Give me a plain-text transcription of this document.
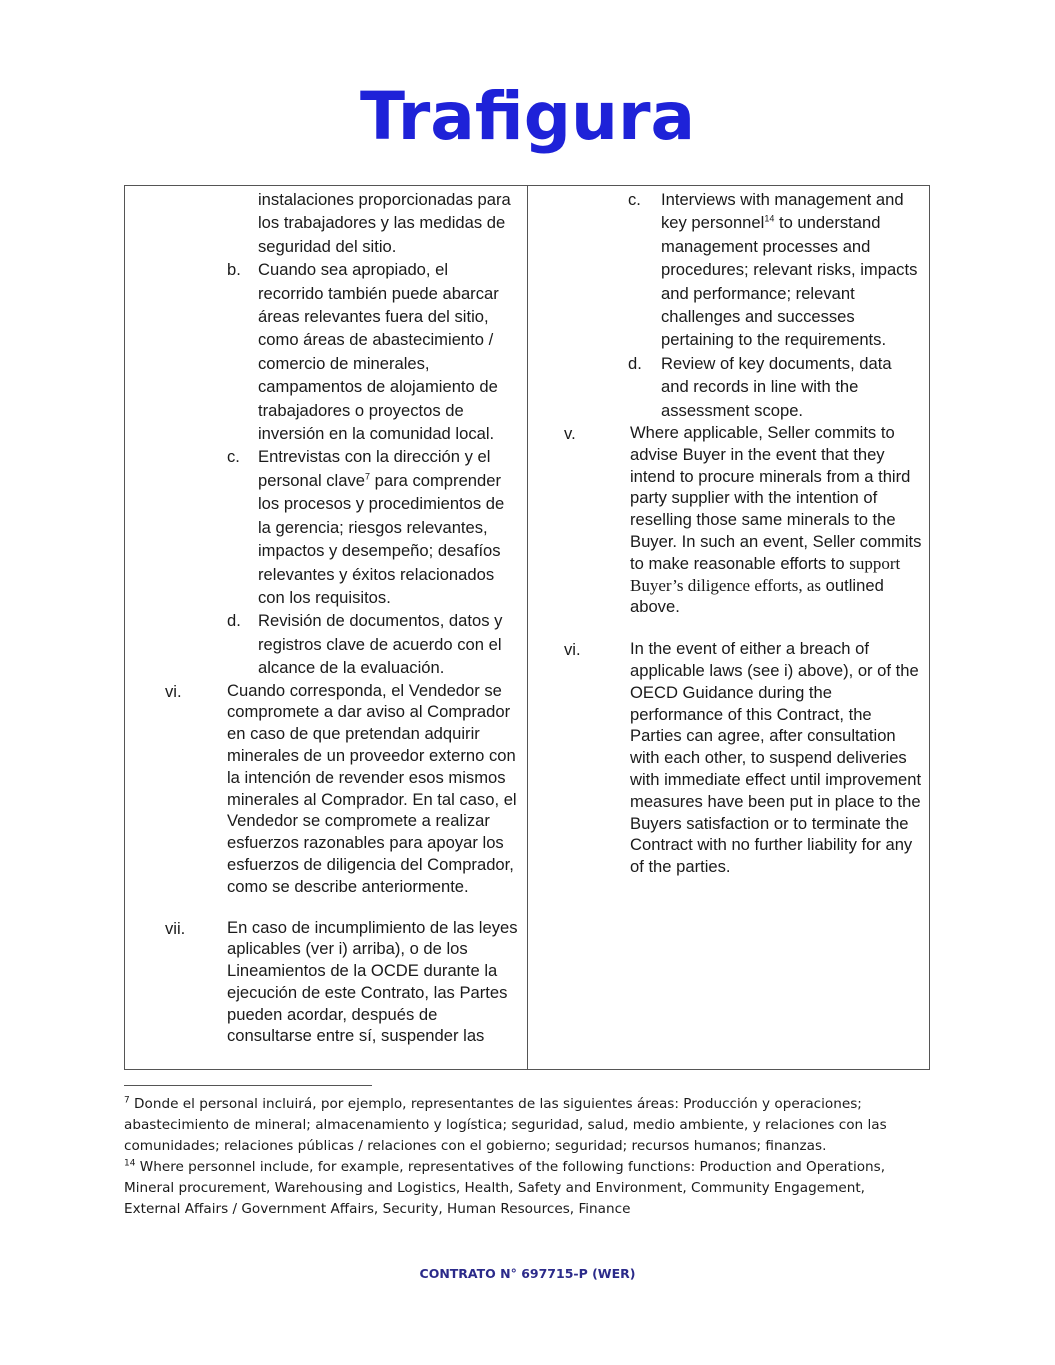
Trafigura
instalaciones proporcionadas para los trabajadores y las medidas de seguridad del sitio.
b.	Cuando sea apropiado, el recorrido también puede abarcar áreas relevantes fuera del sitio, como áreas de abastecimiento / comercio de minerales, campamentos de alojamiento de trabajadores o proyectos de inversión en la comunidad local.
c.	Entrevistas con la dirección y el personal clave$^7$ para comprender los procesos y procedimientos de la gerencia; riesgos relevantes, impactos y desempeño; desafíos relevantes y éxitos relacionados con los requisitos.
d.	Revisión de documentos, datos y registros clave de acuerdo con el alcance de la evaluación.
vi.	Cuando corresponda, el Vendedor se compromete a dar aviso al Comprador en caso de que pretendan adquirir minerales de un proveedor externo con la intención de revender esos mismos minerales al Comprador. En tal caso, el Vendedor se compromete a realizar esfuerzos razonables para apoyar los esfuerzos de diligencia del Comprador, como se describe anteriormente.
vii.	En caso de incumplimiento de las leyes aplicables (ver i) arriba), o de los Lineamientos de la OCDE durante la ejecución de este Contrato, las Partes pueden acordar, después de consultarse entre sí, suspender las
c. Interviews with management and key personnel$^{14}$ to understand management processes and procedures; relevant risks, impacts and performance; relevant challenges and successes pertaining to the requirements.
d. Review of key documents, data and records in line with the assessment scope.
v.	Where applicable, Seller commits to advise Buyer in the event that they intend to procure minerals from a third party supplier with the intention of reselling those same minerals to the Buyer. In such an event, Seller commits to make reasonable efforts to support Buyer’s diligence efforts, as outlined above.
vi.	In the event of either a breach of applicable laws (see i) above), or of the OECD Guidance during the performance of this Contract, the Parties can agree, after consultation with each other, to suspend deliveries with immediate effect until improvement measures have been put in place to the Buyers satisfaction or to terminate the Contract with no further liability for any of the parties.

$^7$ Donde el personal incluirá, por ejemplo, representantes de las siguientes áreas: Producción y operaciones; abastecimiento de mineral; almacenamiento y logística; seguridad, salud, medio ambiente, y relaciones con las comunidades; relaciones públicas / relaciones con el gobierno; seguridad; recursos humanos; finanzas.

$^{14}$ Where personnel include, for example, representatives of the following functions: Production and Operations, Mineral procurement, Warehousing and Logistics, Health, Safety and Environment, Community Engagement, External Affairs / Government Affairs, Security, Human Resources, Finance

CONTRATO N° 697715-P (WER)
